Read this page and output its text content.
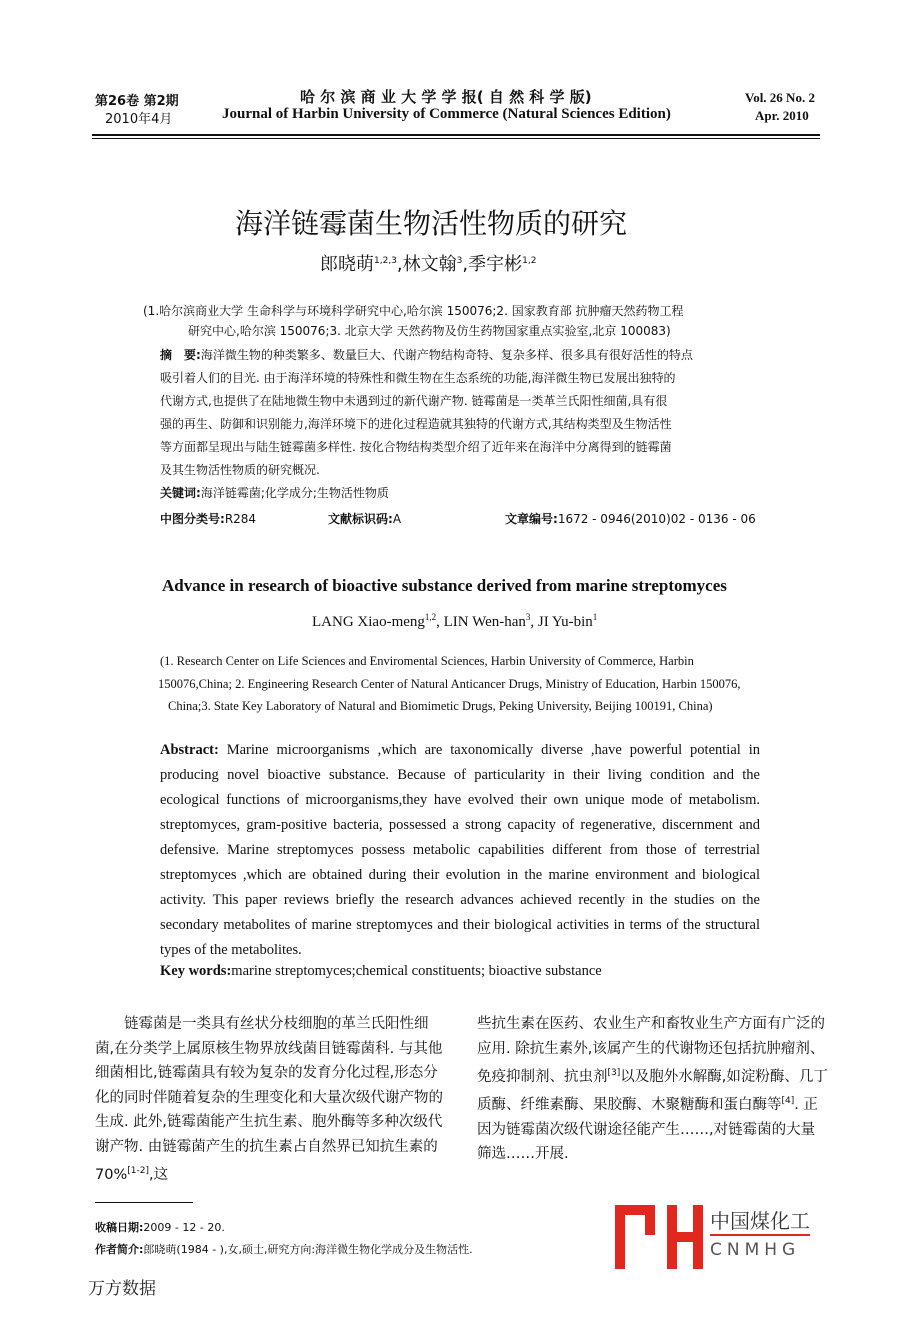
第26卷 第2期
2010年4月
哈 尔 滨 商 业 大 学 学 报( 自 然 科 学 版)
Journal of Harbin University of Commerce (Natural Sciences Edition)
Vol. 26 No. 2
Apr. 2010
海洋链霉菌生物活性物质的研究
郎晓萌$^{1,2,3}$,林文翰$^3$,季宇彬$^{1,2}$
(1.哈尔滨商业大学 生命科学与环境科学研究中心,哈尔滨 150076;2. 国家教育部 抗肿瘤天然药物工程
研究中心,哈尔滨 150076;3. 北京大学 天然药物及仿生药物国家重点实验室,北京 100083)
摘　要:海洋微生物的种类繁多、数量巨大、代谢产物结构奇特、复杂多样、很多具有很好活性的特点
吸引着人们的目光. 由于海洋环境的特殊性和微生物在生态系统的功能,海洋微生物已发展出独特的
代谢方式,也提供了在陆地微生物中未遇到过的新代谢产物. 链霉菌是一类革兰氏阳性细菌,具有很
强的再生、防御和识别能力,海洋环境下的进化过程造就其独特的代谢方式,其结构类型及生物活性
等方面都呈现出与陆生链霉菌多样性. 按化合物结构类型介绍了近年来在海洋中分离得到的链霉菌
及其生物活性物质的研究概况.
关键词:海洋链霉菌;化学成分;生物活性物质
中图分类号:R284	文献标识码:A	文章编号:1672 - 0946(2010)02 - 0136 - 06
Advance in research of bioactive substance derived from marine streptomyces
LANG Xiao-meng$^{1,2}$, LIN Wen-han$^3$, JI Yu-bin$^1$
(1. Research Center on Life Sciences and Enviromental Sciences, Harbin University of Commerce, Harbin
150076,China; 2. Engineering Research Center of Natural Anticancer Drugs, Ministry of Education, Harbin 150076,
China;3. State Key Laboratory of Natural and Biomimetic Drugs, Peking University, Beijing 100191, China)
Abstract: Marine microorganisms ,which are taxonomically diverse ,have powerful potential in producing novel bioactive substance. Because of particularity in their living condition and the ecological functions of microorganisms,they have evolved their own unique mode of metabolism. streptomyces, gram-positive bacteria, possessed a strong capacity of regenerative, discernment and defensive. Marine streptomyces possess metabolic capabilities different from those of terrestrial streptomyces ,which are obtained during their evolution in the marine environment and biological activity. This paper reviews briefly the research advances achieved recently in the studies on the secondary metabolites of marine streptomyces and their biological activities in terms of the structural types of the metabolites.
Key words:marine streptomyces;chemical constituents; bioactive substance
链霉菌是一类具有丝状分枝细胞的革兰氏阳性细菌,在分类学上属原核生物界放线菌目链霉菌科. 与其他细菌相比,链霉菌具有较为复杂的发育分化过程,形态分化的同时伴随着复杂的生理变化和大量次级代谢产物的生成. 此外,链霉菌能产生抗生素、胞外酶等多种次级代谢产物. 由链霉菌产生的抗生素占自然界已知抗生素的 70%[1-2],这
些抗生素在医药、农业生产和畜牧业生产方面有广泛的应用. 除抗生素外,该属产生的代谢物还包括抗肿瘤剂、免疫抑制剂、抗虫剂[3]以及胞外水解酶,如淀粉酶、几丁质酶、纤维素酶、果胶酶、木聚糖酶和蛋白酶等[4]. 正因为链霉菌次级代谢途径能产生……,对链霉菌的大量筛选……开展.
中国煤化工
CNMHG
收稿日期:2009 - 12 - 20.
作者简介:郎晓萌(1984 - ),女,硕士,研究方向:海洋微生物化学成分及生物活性.
万方数据
